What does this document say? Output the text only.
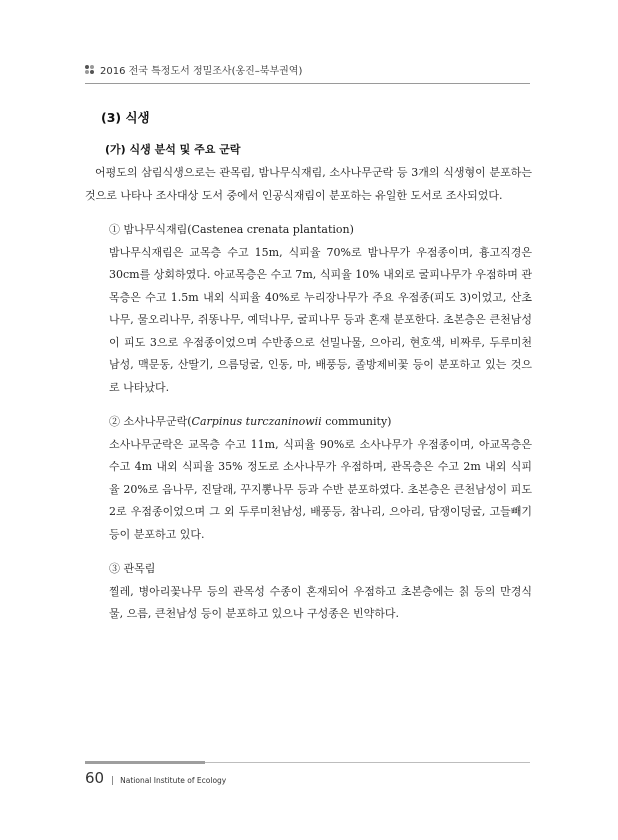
2016 전국 특정도서 정밀조사(옹진–북부권역)
(3) 식생
(가) 식생 분석 및 주요 군락

어평도의 삼림식생으로는 관목림, 밤나무식재림, 소사나무군락 등 3개의 식생형이 분포하는 것으로 나타나 조사대상 도서 중에서 인공식재림이 분포하는 유일한 도서로 조사되었다.

① 밤나무식재림(Castenea crenata plantation)
밤나무식재림은 교목층 수고 15m, 식피율 70%로 밤나무가 우점종이며, 흉고직경은 30cm를 상회하였다. 아교목층은 수고 7m, 식피율 10% 내외로 굴피나무가 우점하며 관목층은 수고 1.5m 내외 식피율 40%로 누리장나무가 주요 우점종(피도 3)이었고, 산초나무, 물오리나무, 쥐똥나무, 예덕나무, 굴피나무 등과 혼재 분포한다. 초본층은 큰천남성이 피도 3으로 우점종이었으며 수반종으로 선밀나물, 으아리, 현호색, 비짜루, 두루미천남성, 맥문동, 산딸기, 으름덩굴, 인동, 마, 배풍등, 졸방제비꽃 등이 분포하고 있는 것으로 나타났다.
② 소사나무군락(Carpinus turczaninowii community)
소사나무군락은 교목층 수고 11m, 식피율 90%로 소사나무가 우점종이며, 아교목층은 수고 4m 내외 식피율 35% 정도로 소사나무가 우점하며, 관목층은 수고 2m 내외 식피율 20%로 음나무, 진달래, 꾸지뽕나무 등과 수반 분포하였다. 초본층은 큰천남성이 피도 2로 우점종이었으며 그 외 두루미천남성, 배풍등, 참나리, 으아리, 담쟁이덩굴, 고들빼기 등이 분포하고 있다.
③ 관목림
찔레, 병아리꽃나무 등의 관목성 수종이 혼재되어 우점하고 초본층에는 칡 등의 만경식물, 으름, 큰천남성 등이 분포하고 있으나 구성종은 빈약하다.
60 | National Institute of Ecology
